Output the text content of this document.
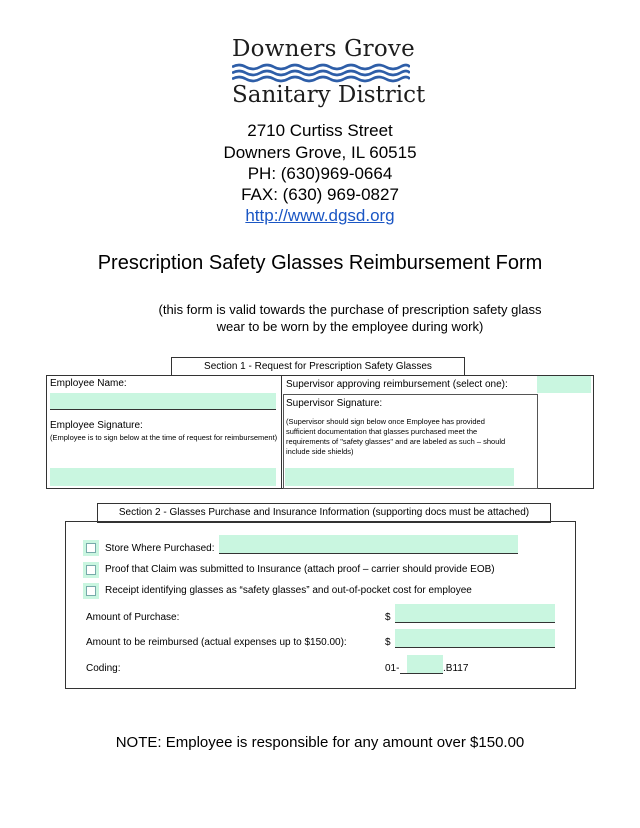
Downers Grove
Sanitary District
2710 Curtiss Street
Downers Grove, IL 60515
PH: (630)969-0664
FAX: (630) 969-0827
http://www.dgsd.org
Prescription Safety Glasses Reimbursement Form
(this form is valid towards the purchase of prescription safety glass
wear to be worn by the employee during work)
Section 1 - Request for Prescription Safety Glasses
Employee Name:
Employee Signature:
(Employee is to sign below at the time of request for reimbursement)
Supervisor approving reimbursement (select one):
Supervisor Signature:
(Supervisor should sign below once Employee has provided
sufficient documentation that glasses purchased meet the
requirements of "safety glasses" and are labeled as such – should
include side shields)
Section 2 - Glasses Purchase and Insurance Information (supporting docs must be attached)
Store Where Purchased:
Proof that Claim was submitted to Insurance (attach proof – carrier should provide EOB)
Receipt identifying glasses as “safety glasses” and out-of-pocket cost for employee
Amount of Purchase:	$
Amount to be reimbursed (actual expenses up to $150.00):	$
Coding:	01-	.B117
NOTE: Employee is responsible for any amount over $150.00
